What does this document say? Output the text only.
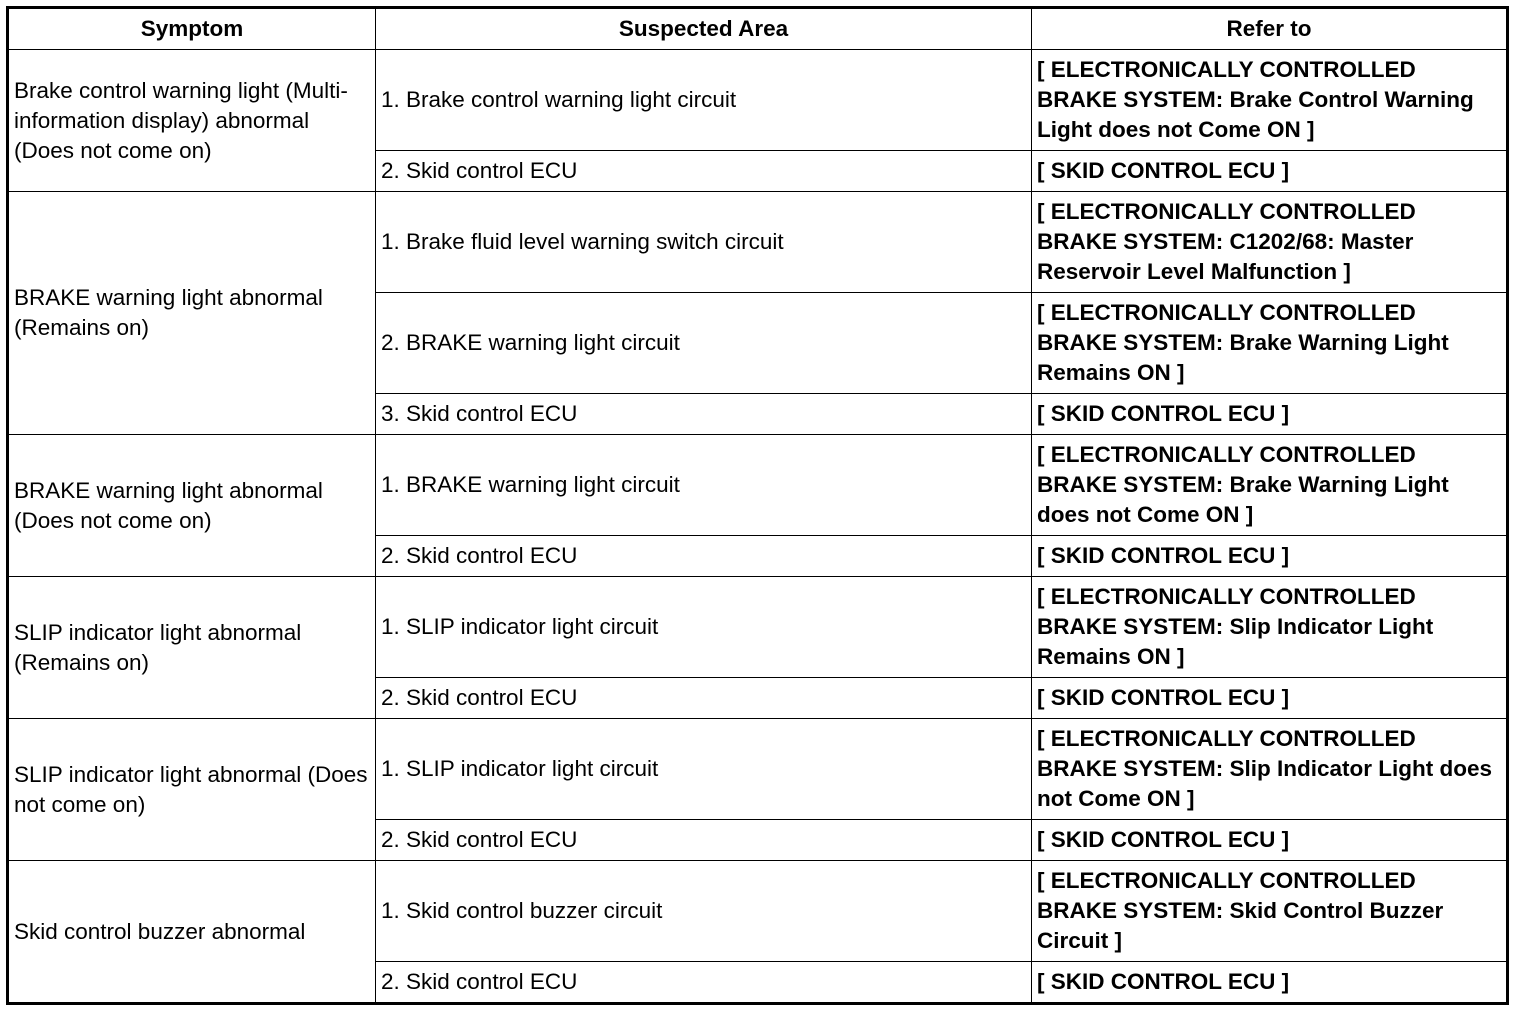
Symptom	Suspected Area	Refer to
Brake control warning light (Multi-information display) abnormal (Does not come on)	1. Brake control warning light circuit	[ ELECTRONICALLY CONTROLLED BRAKE SYSTEM: Brake Control Warning Light does not Come ON ]
	2. Skid control ECU	[ SKID CONTROL ECU ]
BRAKE warning light abnormal (Remains on)	1. Brake fluid level warning switch circuit	[ ELECTRONICALLY CONTROLLED BRAKE SYSTEM: C1202/68: Master Reservoir Level Malfunction ]
	2. BRAKE warning light circuit	[ ELECTRONICALLY CONTROLLED BRAKE SYSTEM: Brake Warning Light Remains ON ]
	3. Skid control ECU	[ SKID CONTROL ECU ]
BRAKE warning light abnormal (Does not come on)	1. BRAKE warning light circuit	[ ELECTRONICALLY CONTROLLED BRAKE SYSTEM: Brake Warning Light does not Come ON ]
	2. Skid control ECU	[ SKID CONTROL ECU ]
SLIP indicator light abnormal (Remains on)	1. SLIP indicator light circuit	[ ELECTRONICALLY CONTROLLED BRAKE SYSTEM: Slip Indicator Light Remains ON ]
	2. Skid control ECU	[ SKID CONTROL ECU ]
SLIP indicator light abnormal (Does not come on)	1. SLIP indicator light circuit	[ ELECTRONICALLY CONTROLLED BRAKE SYSTEM: Slip Indicator Light does not Come ON ]
	2. Skid control ECU	[ SKID CONTROL ECU ]
Skid control buzzer abnormal	1. Skid control buzzer circuit	[ ELECTRONICALLY CONTROLLED BRAKE SYSTEM: Skid Control Buzzer Circuit ]
	2. Skid control ECU	[ SKID CONTROL ECU ]
